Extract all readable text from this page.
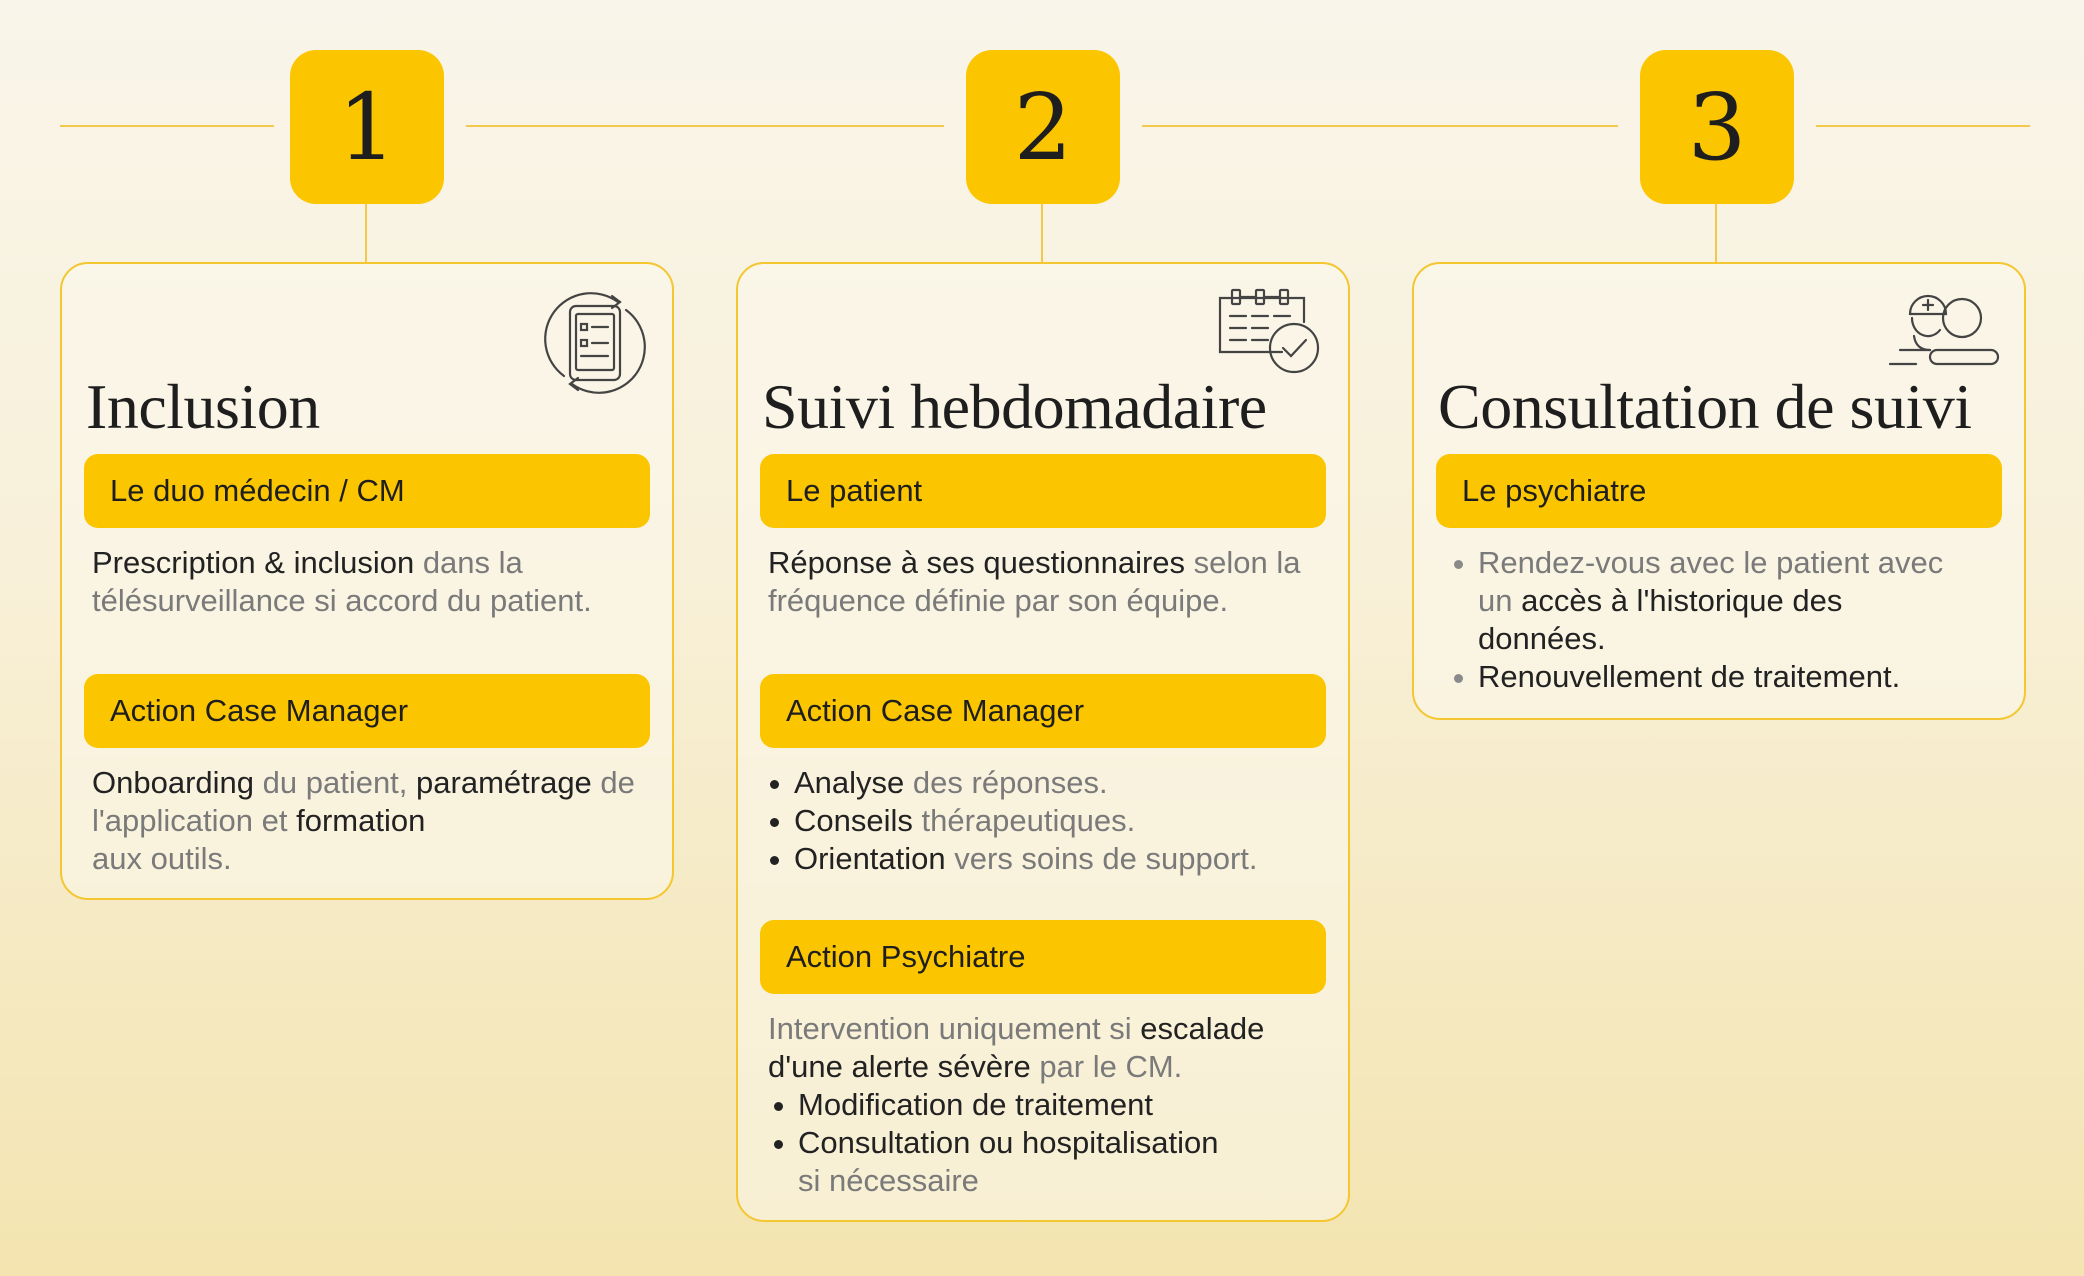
1	2	3
Inclusion
Le duo médecin / CM
Prescription & inclusion dans la télésurveillance si accord du patient.
Action Case Manager
Onboarding du patient, paramétrage de l'application et formation
aux outils.
Suivi hebdomadaire
Le patient
Réponse à ses questionnaires selon la fréquence définie par son équipe.
Action Case Manager
Analyse des réponses.
Conseils thérapeutiques.
Orientation vers soins de support.
Action Psychiatre
Intervention uniquement si escalade d'une alerte sévère par le CM.
Modification de traitement
Consultation ou hospitalisation
si nécessaire
Consultation de suivi
Le psychiatre
Rendez-vous avec le patient avec un accès à l'historique des données.
Renouvellement de traitement.
